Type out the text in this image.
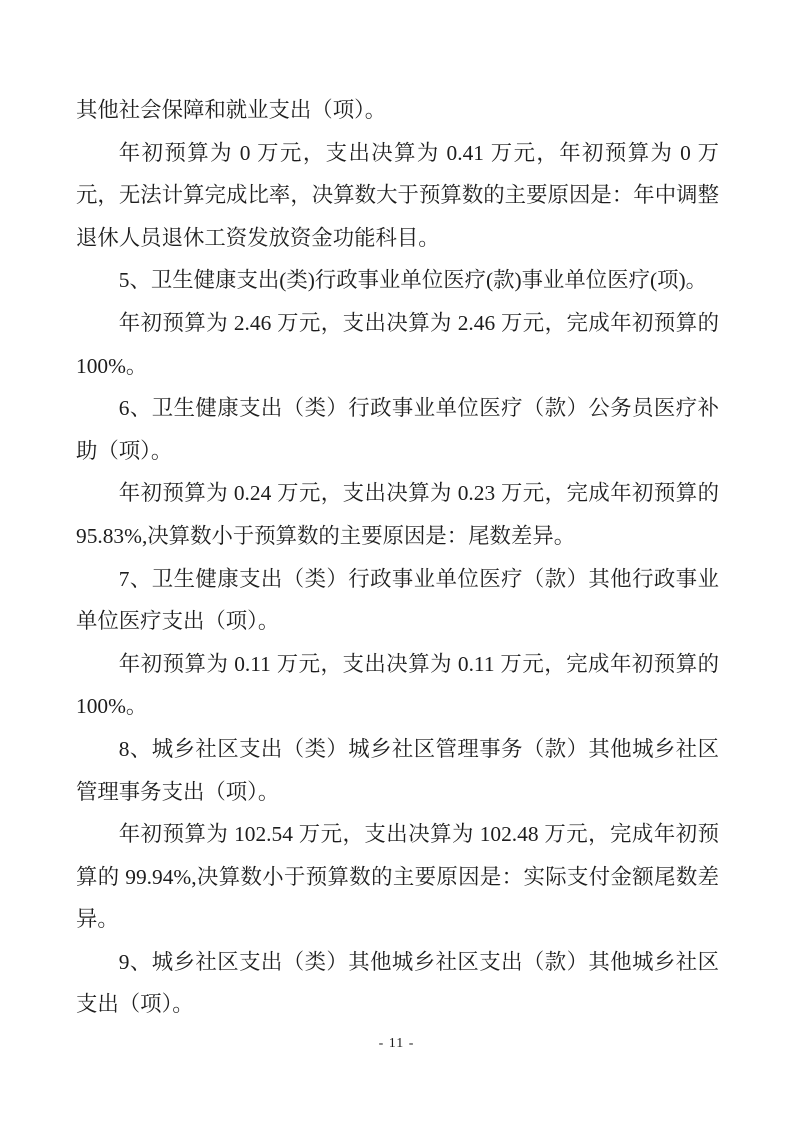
其他社会保障和就业支出（项）。

年初预算为 0 万元，支出决算为 0.41 万元，年初预算为 0 万元，无法计算完成比率，决算数大于预算数的主要原因是：年中调整退休人员退休工资发放资金功能科目。

5、卫生健康支出(类)行政事业单位医疗(款)事业单位医疗(项)。

年初预算为 2.46 万元，支出决算为 2.46 万元，完成年初预算的 100%。

6、卫生健康支出（类）行政事业单位医疗（款）公务员医疗补助（项）。

年初预算为 0.24 万元，支出决算为 0.23 万元，完成年初预算的 95.83%,决算数小于预算数的主要原因是：尾数差异。

7、卫生健康支出（类）行政事业单位医疗（款）其他行政事业单位医疗支出（项）。

年初预算为 0.11 万元，支出决算为 0.11 万元，完成年初预算的 100%。

8、城乡社区支出（类）城乡社区管理事务（款）其他城乡社区管理事务支出（项）。

年初预算为 102.54 万元，支出决算为 102.48 万元，完成年初预算的 99.94%,决算数小于预算数的主要原因是：实际支付金额尾数差异。

9、城乡社区支出（类）其他城乡社区支出（款）其他城乡社区支出（项）。

- 11 -
